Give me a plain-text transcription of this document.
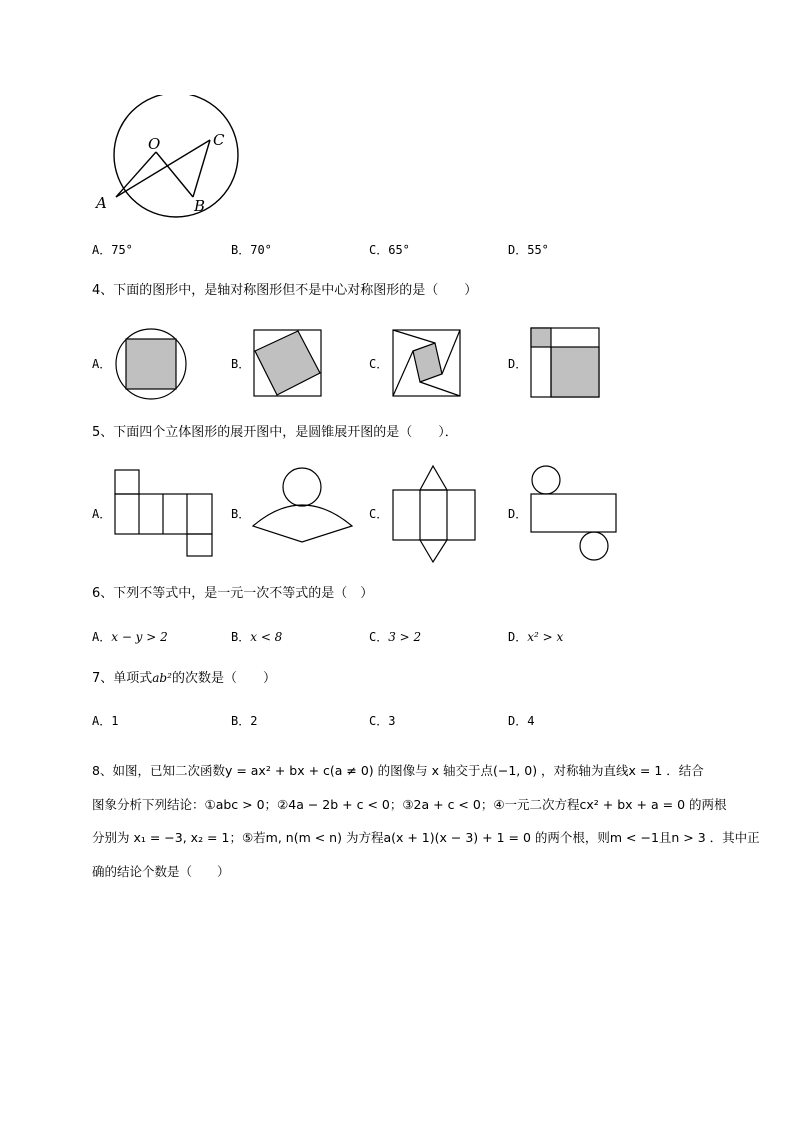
O
A	B
C
A．75°	B．70°	C．65°	D．55°
4、下面的图形中，是轴对称图形但不是中心对称图形的是（　　）
A．	B．	C．	D．
5、下面四个立体图形的展开图中，是圆锥展开图的是（　　）．
A．	B．	C．	D．
6、下列不等式中，是一元一次不等式的是（　）
A．x − y > 2	B．x < 8	C．3 > 2	D．x² > x
7、单项式ab²的次数是（　　）
A．1	B．2	C．3	D．4
8、如图，已知二次函数y = ax² + bx + c(a ≠ 0) 的图像与 x 轴交于点(−1, 0) ，对称轴为直线x = 1 ．结合
图象分析下列结论：①abc > 0；②4a − 2b + c < 0；③2a + c < 0；④一元二次方程cx² + bx + a = 0 的两根
分别为 x₁ = −3, x₂ = 1；⑤若m, n(m < n) 为方程a(x + 1)(x − 3) + 1 = 0 的两个根，则m < −1且n > 3 ．其中正
确的结论个数是（　　）
